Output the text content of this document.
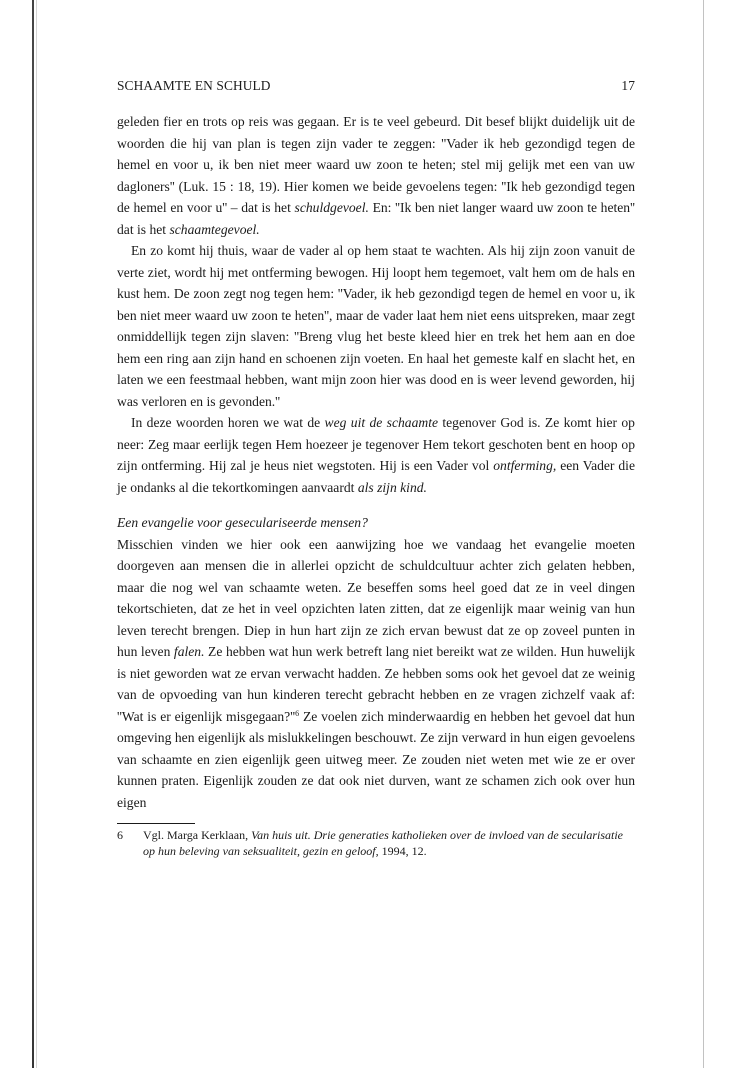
SCHAAMTE EN SCHULD	17

geleden fier en trots op reis was gegaan. Er is te veel gebeurd. Dit besef blijkt duidelijk uit de woorden die hij van plan is tegen zijn vader te zeggen: ''Vader ik heb gezondigd tegen de hemel en voor u, ik ben niet meer waard uw zoon te heten; stel mij gelijk met een van uw dagloners'' (Luk. 15 : 18, 19). Hier komen we beide gevoelens tegen: ''Ik heb gezondigd tegen de hemel en voor u'' – dat is het schuldgevoel. En: ''Ik ben niet langer waard uw zoon te heten'' dat is het schaamtegevoel.

En zo komt hij thuis, waar de vader al op hem staat te wachten. Als hij zijn zoon vanuit de verte ziet, wordt hij met ontferming bewogen. Hij loopt hem tegemoet, valt hem om de hals en kust hem. De zoon zegt nog tegen hem: ''Vader, ik heb gezondigd tegen de hemel en voor u, ik ben niet meer waard uw zoon te heten'', maar de vader laat hem niet eens uitspreken, maar zegt onmiddellijk tegen zijn slaven: ''Breng vlug het beste kleed hier en trek het hem aan en doe hem een ring aan zijn hand en schoenen zijn voeten. En haal het gemeste kalf en slacht het, en laten we een feestmaal hebben, want mijn zoon hier was dood en is weer levend geworden, hij was verloren en is gevonden.''

In deze woorden horen we wat de weg uit de schaamte tegenover God is. Ze komt hier op neer: Zeg maar eerlijk tegen Hem hoezeer je tegenover Hem tekort geschoten bent en hoop op zijn ontferming. Hij zal je heus niet wegstoten. Hij is een Vader vol ontferming, een Vader die je ondanks al die tekortkomingen aanvaardt als zijn kind.

Een evangelie voor geseculariseerde mensen?

Misschien vinden we hier ook een aanwijzing hoe we vandaag het evangelie moeten doorgeven aan mensen die in allerlei opzicht de schuldcultuur achter zich gelaten hebben, maar die nog wel van schaamte weten. Ze beseffen soms heel goed dat ze in veel dingen tekortschieten, dat ze het in veel opzichten laten zitten, dat ze eigenlijk maar weinig van hun leven terecht brengen. Diep in hun hart zijn ze zich ervan bewust dat ze op zoveel punten in hun leven falen. Ze hebben wat hun werk betreft lang niet bereikt wat ze wilden. Hun huwelijk is niet geworden wat ze ervan verwacht hadden. Ze hebben soms ook het gevoel dat ze weinig van de opvoeding van hun kinderen terecht gebracht hebben en ze vragen zichzelf vaak af: ''Wat is er eigenlijk $misgegaan?''^6$ Ze voelen zich minderwaardig en hebben het gevoel dat hun omgeving hen eigenlijk als mislukkelingen beschouwt. Ze zijn verward in hun eigen gevoelens van schaamte en zien eigenlijk geen uitweg meer. Ze zouden niet weten met wie ze er over kunnen praten. Eigenlijk zouden ze dat ook niet durven, want ze schamen zich ook over hun eigen

6	Vgl. Marga Kerklaan, Van huis uit. Drie generaties katholieken over de invloed van de secularisatie op hun beleving van seksualiteit, gezin en geloof, 1994, 12.
